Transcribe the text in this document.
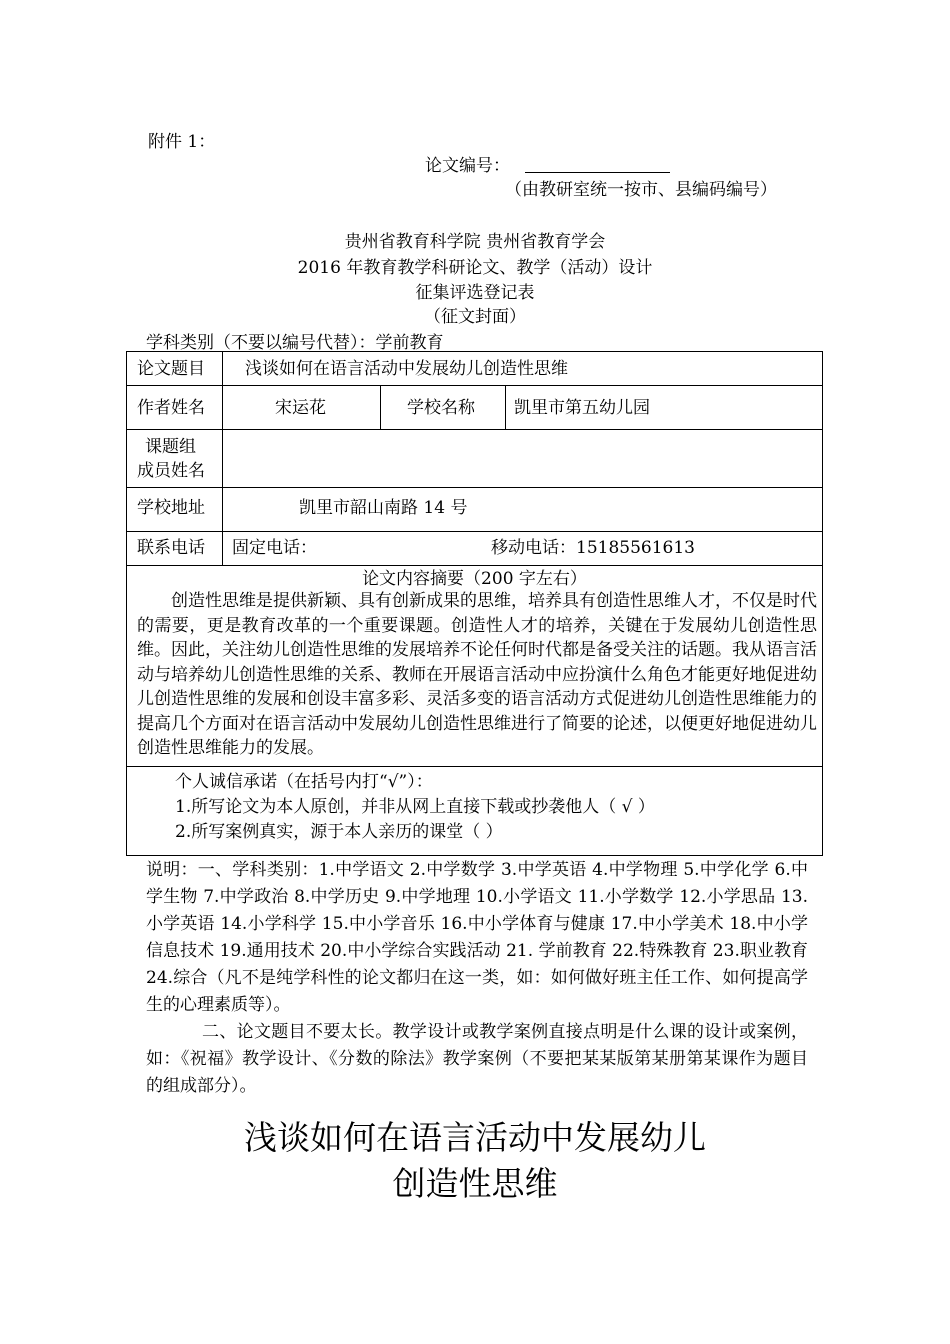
附件 1：
论文编号：
（由教研室统一按市、县编码编号）
贵州省教育科学院 贵州省教育学会
2016 年教育教学科研论文、教学（活动）设计
征集评选登记表
（征文封面）
学科类别（不要以编号代替）：学前教育
论文题目 浅谈如何在语言活动中发展幼儿创造性思维
作者姓名	宋运花	学校名称 凯里市第五幼儿园
课题组
成员姓名
学校地址	凯里市韶山南路 14 号
联系电话 固定电话：	移动电话：15185561613
论文内容摘要（200 字左右）
创造性思维是提供新颖、具有创新成果的思维，培养具有创造性思维人才，不仅是时代的需要，更是教育改革的一个重要课题。创造性人才的培养，关键在于发展幼儿创造性思维。因此，关注幼儿创造性思维的发展培养不论任何时代都是备受关注的话题。我从语言活动与培养幼儿创造性思维的关系、教师在开展语言活动中应扮演什么角色才能更好地促进幼儿创造性思维的发展和创设丰富多彩、灵活多变的语言活动方式促进幼儿创造性思维能力的提高几个方面对在语言活动中发展幼儿创造性思维进行了简要的论述，以便更好地促进幼儿创造性思维能力的发展。
个人诚信承诺（在括号内打“√”）：
1.所写论文为本人原创，并非从网上直接下载或抄袭他人（ √ ）
2.所写案例真实，源于本人亲历的课堂（ ）

说明：一、学科类别：1.中学语文 2.中学数学 3.中学英语 4.中学物理 5.中学化学 6.中学生物 7.中学政治 8.中学历史 9.中学地理 10.小学语文 11.小学数学 12.小学思品 13.小学英语 14.小学科学 15.中小学音乐 16.中小学体育与健康 17.中小学美术 18.中小学信息技术 19.通用技术 20.中小学综合实践活动 21. 学前教育 22.特殊教育 23.职业教育 24.综合（凡不是纯学科性的论文都归在这一类，如：如何做好班主任工作、如何提高学生的心理素质等）。

二、论文题目不要太长。教学设计或教学案例直接点明是什么课的设计或案例，如：《祝福》教学设计、《分数的除法》教学案例（不要把某某版第某册第某课作为题目的组成部分）。

浅谈如何在语言活动中发展幼儿
创造性思维
